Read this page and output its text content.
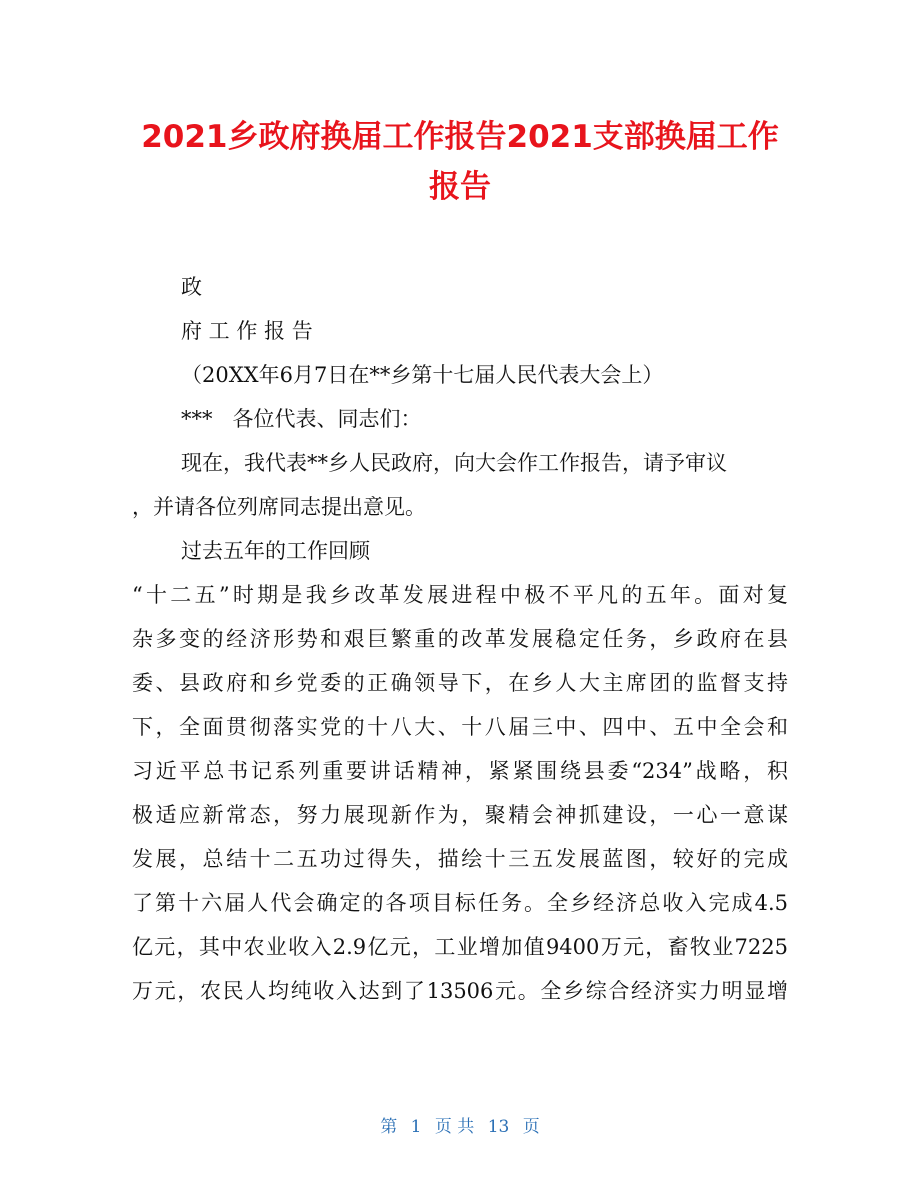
2021乡政府换届工作报告2021支部换届工作
报告
政
府 工 作 报 告
（20XX年6月7日在**乡第十七届人民代表大会上）
***   各位代表、同志们：
现在，我代表**乡人民政府，向大会作工作报告，请予审议
，并请各位列席同志提出意见。
过去五年的工作回顾
“十二五”时期是我乡改革发展进程中极不平凡的五年。面对复
杂多变的经济形势和艰巨繁重的改革发展稳定任务，乡政府在县
委、县政府和乡党委的正确领导下，在乡人大主席团的监督支持
下，全面贯彻落实党的十八大、十八届三中、四中、五中全会和
习近平总书记系列重要讲话精神，紧紧围绕县委“234”战略，积
极适应新常态，努力展现新作为，聚精会神抓建设，一心一意谋
发展，总结十二五功过得失，描绘十三五发展蓝图，较好的完成
了第十六届人代会确定的各项目标任务。全乡经济总收入完成4.5
亿元，其中农业收入2.9亿元，工业增加值9400万元，畜牧业7225
万元，农民人均纯收入达到了13506元。全乡综合经济实力明显增
第 1 页 共 13 页
